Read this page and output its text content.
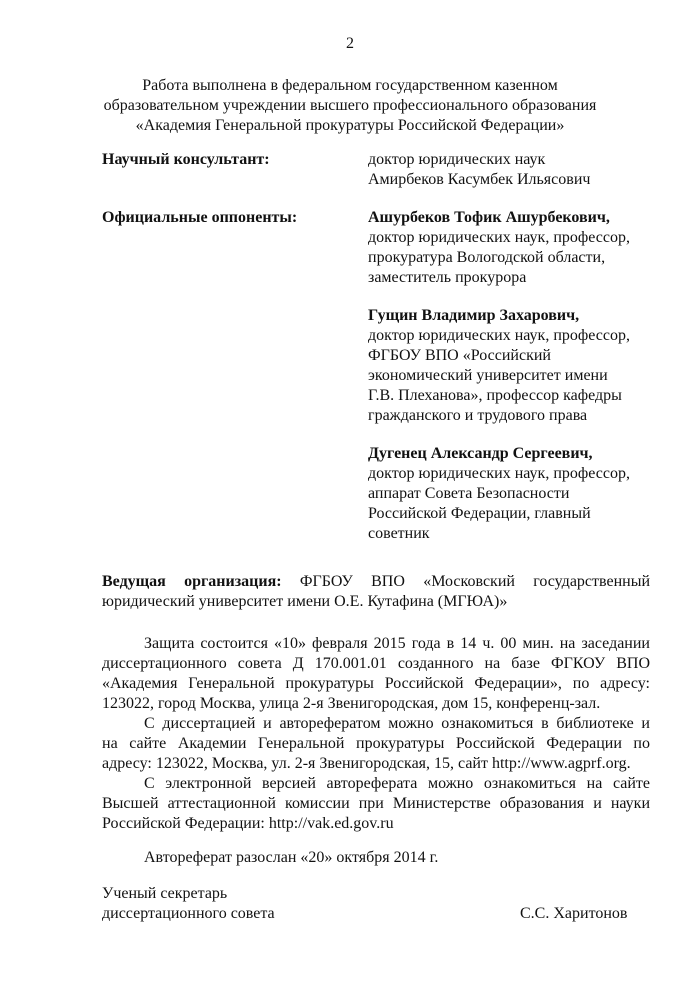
2
Работа выполнена в федеральном государственном казенном
образовательном учреждении высшего профессионального образования
«Академия Генеральной прокуратуры Российской Федерации»
Научный консультант:	доктор юридических наук
Амирбеков Касумбек Ильясович
Официальные оппоненты:	Ашурбеков Тофик Ашурбекович,
доктор юридических наук, профессор,
прокуратура Вологодской области,
заместитель прокурора
Гущин Владимир Захарович,
доктор юридических наук, профессор,
ФГБОУ ВПО «Российский
экономический университет имени
Г.В. Плеханова», профессор кафедры
гражданского и трудового права
Дугенец Александр Сергеевич,
доктор юридических наук, профессор,
аппарат Совета Безопасности
Российской Федерации, главный
советник
Ведущая организация: ФГБОУ ВПО «Московский государственный
юридический университет имени О.Е. Кутафина (МГЮА)»
Защита состоится «10» февраля 2015 года в 14 ч. 00 мин. на заседании
диссертационного совета Д 170.001.01 созданного на базе ФГКОУ ВПО
«Академия Генеральной прокуратуры Российской Федерации», по адресу:
123022, город Москва, улица 2-я Звенигородская, дом 15, конференц-зал.
С диссертацией и авторефератом можно ознакомиться в библиотеке и
на сайте Академии Генеральной прокуратуры Российской Федерации по
адресу: 123022, Москва, ул. 2-я Звенигородская, 15, сайт http://www.agprf.org.
С электронной версией автореферата можно ознакомиться на сайте
Высшей аттестационной комиссии при Министерстве образования и науки
Российской Федерации: http://vak.ed.gov.ru
Автореферат разослан «20» октября 2014 г.
Ученый секретарь
диссертационного совета	С.С. Харитонов
